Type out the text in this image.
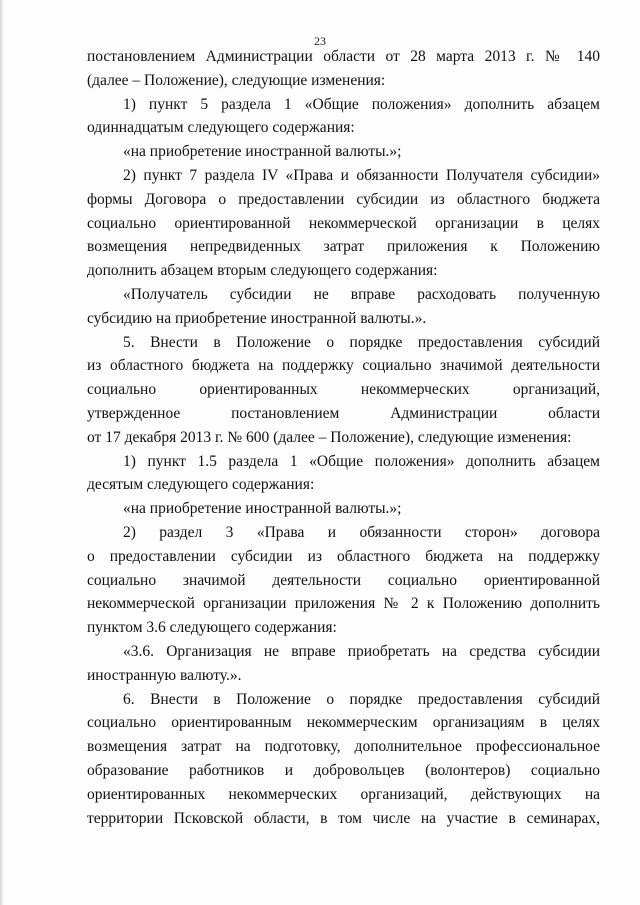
23
постановлением Администрации области от 28 марта 2013 г. № 140
(далее – Положение), следующие изменения:
1) пункт 5 раздела 1 «Общие положения» дополнить абзацем
одиннадцатым следующего содержания:
«на приобретение иностранной валюты.»;
2) пункт 7 раздела IV «Права и обязанности Получателя субсидии»
формы Договора о предоставлении субсидии из областного бюджета
социально ориентированной некоммерческой организации в целях
возмещения непредвиденных затрат приложения к Положению
дополнить абзацем вторым следующего содержания:
«Получатель субсидии не вправе расходовать полученную
субсидию на приобретение иностранной валюты.».
5. Внести в Положение о порядке предоставления субсидий
из областного бюджета на поддержку социально значимой деятельности
социально ориентированных некоммерческих организаций,
утвержденное постановлением Администрации области
от 17 декабря 2013 г. № 600 (далее – Положение), следующие изменения:
1) пункт 1.5 раздела 1 «Общие положения» дополнить абзацем
десятым следующего содержания:
«на приобретение иностранной валюты.»;
2) раздел 3 «Права и обязанности сторон» договора
о предоставлении субсидии из областного бюджета на поддержку
социально значимой деятельности социально ориентированной
некоммерческой организации приложения № 2 к Положению дополнить
пунктом 3.6 следующего содержания:
«3.6. Организация не вправе приобретать на средства субсидии
иностранную валюту.».
6. Внести в Положение о порядке предоставления субсидий
социально ориентированным некоммерческим организациям в целях
возмещения затрат на подготовку, дополнительное профессиональное
образование работников и добровольцев (волонтеров) социально
ориентированных некоммерческих организаций, действующих на
территории Псковской области, в том числе на участие в семинарах,
